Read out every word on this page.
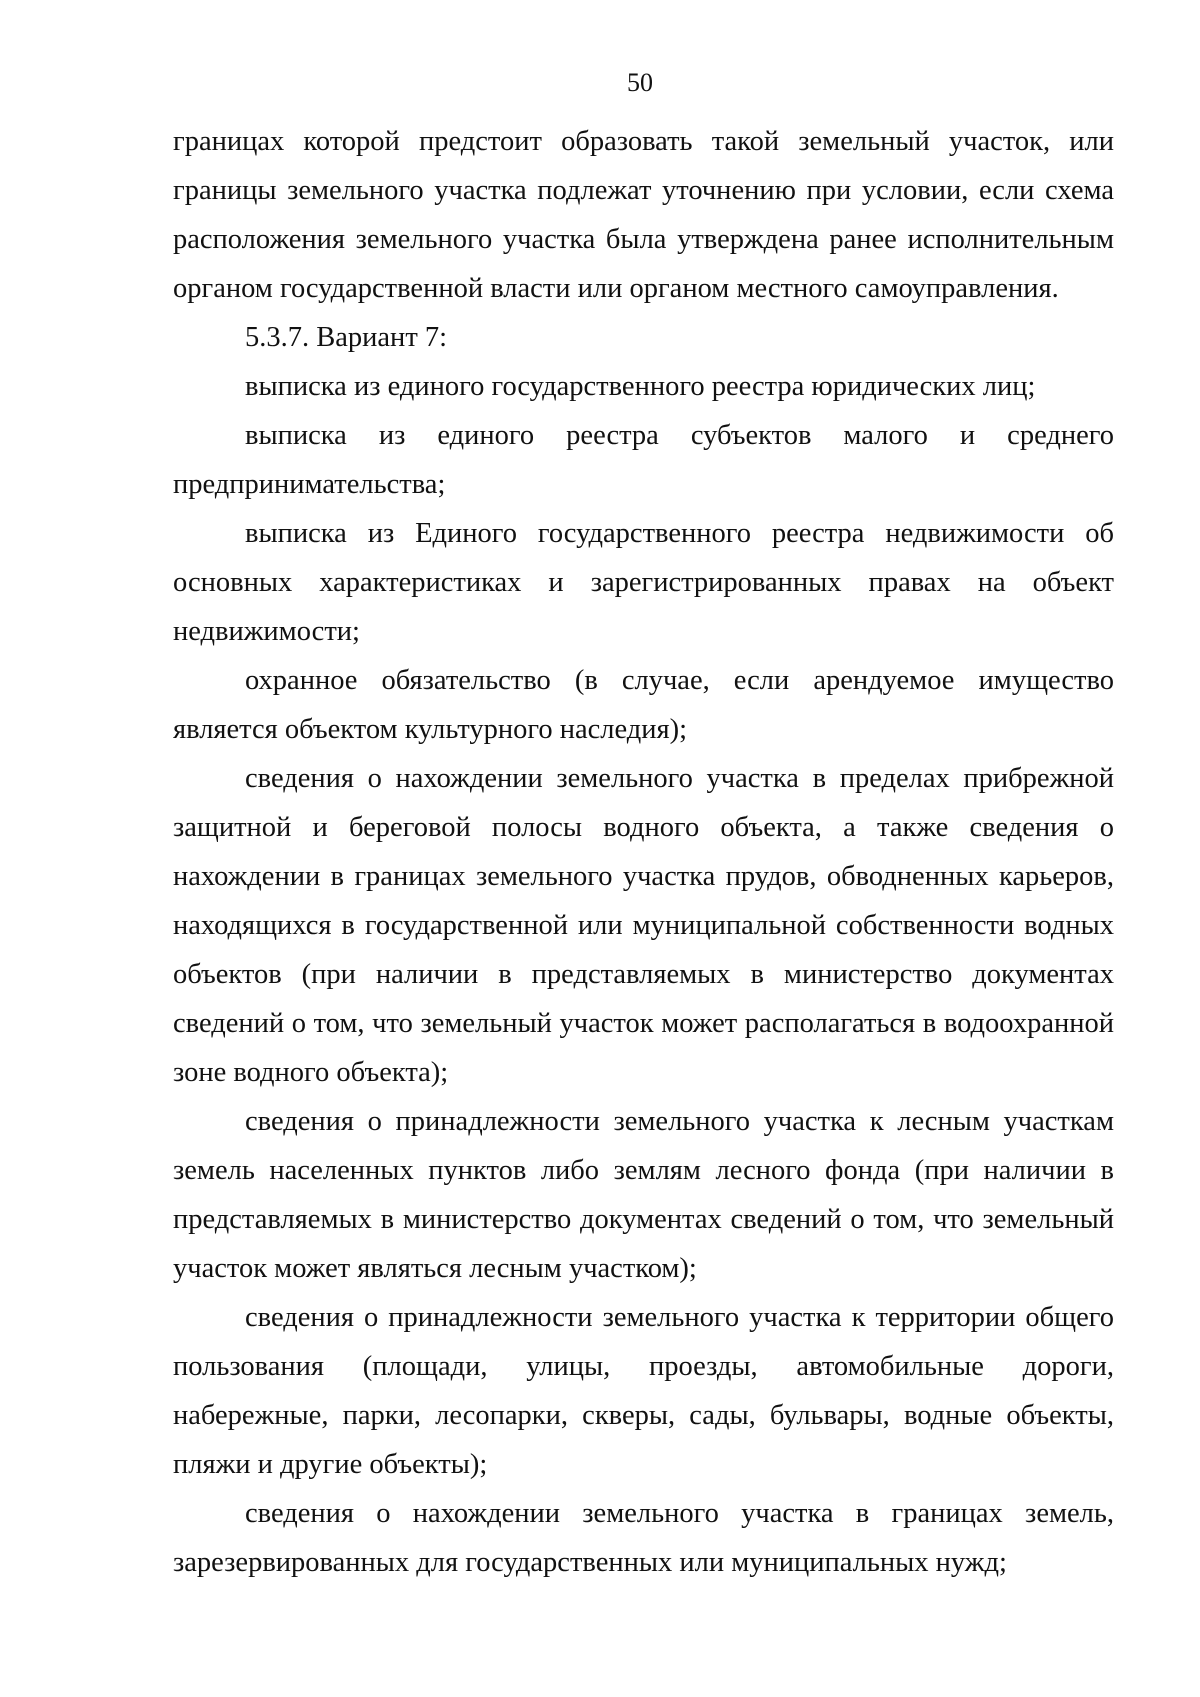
50

границах которой предстоит образовать такой земельный участок, или границы земельного участка подлежат уточнению при условии, если схема расположения земельного участка была утверждена ранее исполнительным органом государственной власти или органом местного самоуправления.

5.3.7. Вариант 7:

выписка из единого государственного реестра юридических лиц;

выписка из единого реестра субъектов малого и среднего предпринимательства;

выписка из Единого государственного реестра недвижимости об основных характеристиках и зарегистрированных правах на объект недвижимости;

охранное обязательство (в случае, если арендуемое имущество является объектом культурного наследия);

сведения о нахождении земельного участка в пределах прибрежной защитной и береговой полосы водного объекта, а также сведения о нахождении в границах земельного участка прудов, обводненных карьеров, находящихся в государственной или муниципальной собственности водных объектов (при наличии в представляемых в министерство документах сведений о том, что земельный участок может располагаться в водоохранной зоне водного объекта);

сведения о принадлежности земельного участка к лесным участкам земель населенных пунктов либо землям лесного фонда (при наличии в представляемых в министерство документах сведений о том, что земельный участок может являться лесным участком);

сведения о принадлежности земельного участка к территории общего пользования (площади, улицы, проезды, автомобильные дороги, набережные, парки, лесопарки, скверы, сады, бульвары, водные объекты, пляжи и другие объекты);

сведения о нахождении земельного участка в границах земель, зарезервированных для государственных или муниципальных нужд;
